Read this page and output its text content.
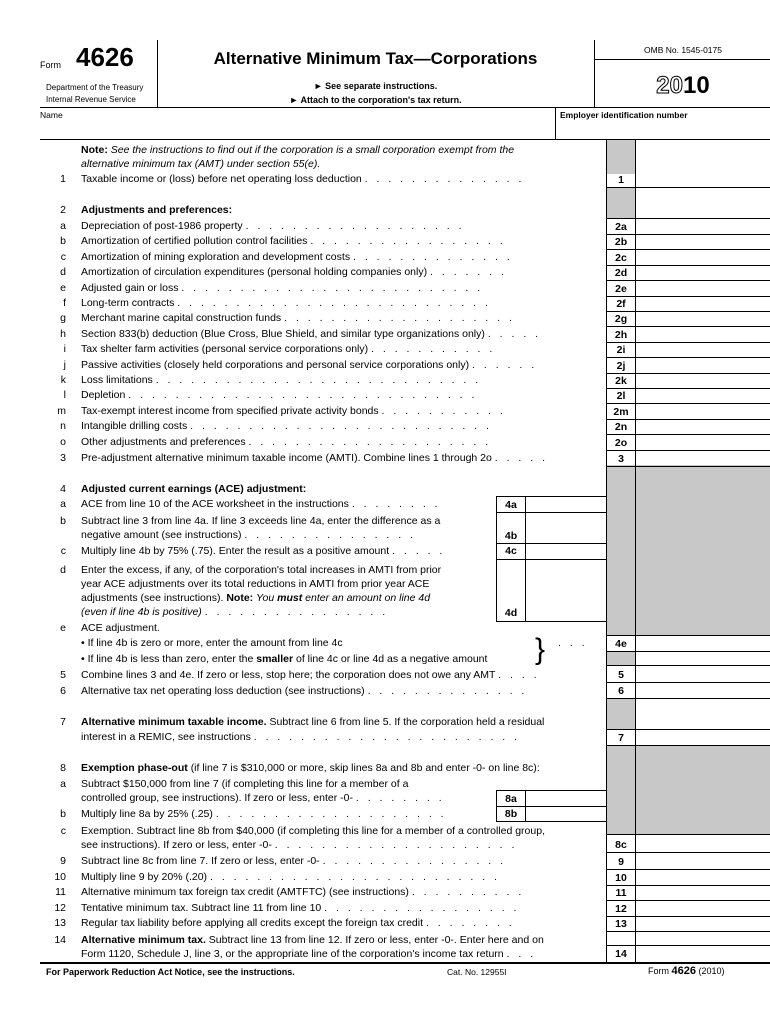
Form 4626
Department of the Treasury
Internal Revenue Service
Alternative Minimum Tax—Corporations
► See separate instructions.
► Attach to the corporation's tax return.
OMB No. 1545-0175
2010
Name	Employer identification number
Note: See the instructions to find out if the corporation is a small corporation exempt from the
alternative minimum tax (AMT) under section 55(e).
1 Taxable income or (loss) before net operating loss deduction . . . . . . . . . . . . . .	1
2 Adjustments and preferences:
a Depreciation of post-1986 property . . . . . . . . . . . . . . . . . . .	2a
b Amortization of certified pollution control facilities . . . . . . . . . . . . . . . . .	2b
c Amortization of mining exploration and development costs . . . . . . . . . . . . . .	2c
d Amortization of circulation expenditures (personal holding companies only) . . . . . . .	2d
e Adjusted gain or loss . . . . . . . . . . . . . . . . . . . . . . . . . .	2e
f Long-term contracts . . . . . . . . . . . . . . . . . . . . . . . . . . .	2f
g Merchant marine capital construction funds . . . . . . . . . . . . . . . . . . . .	2g
h Section 833(b) deduction (Blue Cross, Blue Shield, and similar type organizations only) . . . . .	2h
i Tax shelter farm activities (personal service corporations only) . . . . . . . . . . .	2i
j Passive activities (closely held corporations and personal service corporations only) . . . . . .	2j
k Loss limitations . . . . . . . . . . . . . . . . . . . . . . . . . . . .	2k
l Depletion . . . . . . . . . . . . . . . . . . . . . . . . . . . . . .	2l
m Tax-exempt interest income from specified private activity bonds . . . . . . . . . . .	2m
n Intangible drilling costs . . . . . . . . . . . . . . . . . . . . . . . . . .	2n
o Other adjustments and preferences . . . . . . . . . . . . . . . . . . . . .	2o
3 Pre-adjustment alternative minimum taxable income (AMTI). Combine lines 1 through 2o . . . . .	3
4 Adjusted current earnings (ACE) adjustment:
a ACE from line 10 of the ACE worksheet in the instructions . . . . . . . .	4a
b Subtract line 3 from line 4a. If line 3 exceeds line 4a, enter the difference as a
negative amount (see instructions) . . . . . . . . . . . . . . .	4b
c Multiply line 4b by 75% (.75). Enter the result as a positive amount . . . . .	4c
d Enter the excess, if any, of the corporation's total increases in AMTI from prior
year ACE adjustments over its total reductions in AMTI from prior year ACE
adjustments (see instructions). Note: You must enter an amount on line 4d
(even if line 4b is positive) . . . . . . . . . . . . . . . .	4d
e ACE adjustment.
• If line 4b is zero or more, enter the amount from line 4c
• If line 4b is less than zero, enter the smaller of line 4c or line 4d as a negative amount } . . .	4e
5 Combine lines 3 and 4e. If zero or less, stop here; the corporation does not owe any AMT . . . .	5
6 Alternative tax net operating loss deduction (see instructions) . . . . . . . . . . . . . .	6
7 Alternative minimum taxable income. Subtract line 6 from line 5. If the corporation held a residual
interest in a REMIC, see instructions . . . . . . . . . . . . . . . . . . . . . . .	7
8 Exemption phase-out (if line 7 is $310,000 or more, skip lines 8a and 8b and enter -0- on line 8c):
a Subtract $150,000 from line 7 (if completing this line for a member of a
controlled group, see instructions). If zero or less, enter -0- . . . . . . . .	8a
b Multiply line 8a by 25% (.25) . . . . . . . . . . . . . . . . . . . .	8b
c Exemption. Subtract line 8b from $40,000 (if completing this line for a member of a controlled group,
see instructions). If zero or less, enter -0- . . . . . . . . . . . . . . . . . . . . .	8c
9 Subtract line 8c from line 7. If zero or less, enter -0- . . . . . . . . . . . . . . . .	9
10 Multiply line 9 by 20% (.20) . . . . . . . . . . . . . . . . . . . . . . . . .	10
11 Alternative minimum tax foreign tax credit (AMTFTC) (see instructions) . . . . . . . . . .	11
12 Tentative minimum tax. Subtract line 11 from line 10 . . . . . . . . . . . . . . . . .	12
13 Regular tax liability before applying all credits except the foreign tax credit . . . . . . . .	13
14 Alternative minimum tax. Subtract line 13 from line 12. If zero or less, enter -0-. Enter here and on
Form 1120, Schedule J, line 3, or the appropriate line of the corporation's income tax return . . .	14
For Paperwork Reduction Act Notice, see the instructions.	Cat. No. 12955I	Form 4626 (2010)
